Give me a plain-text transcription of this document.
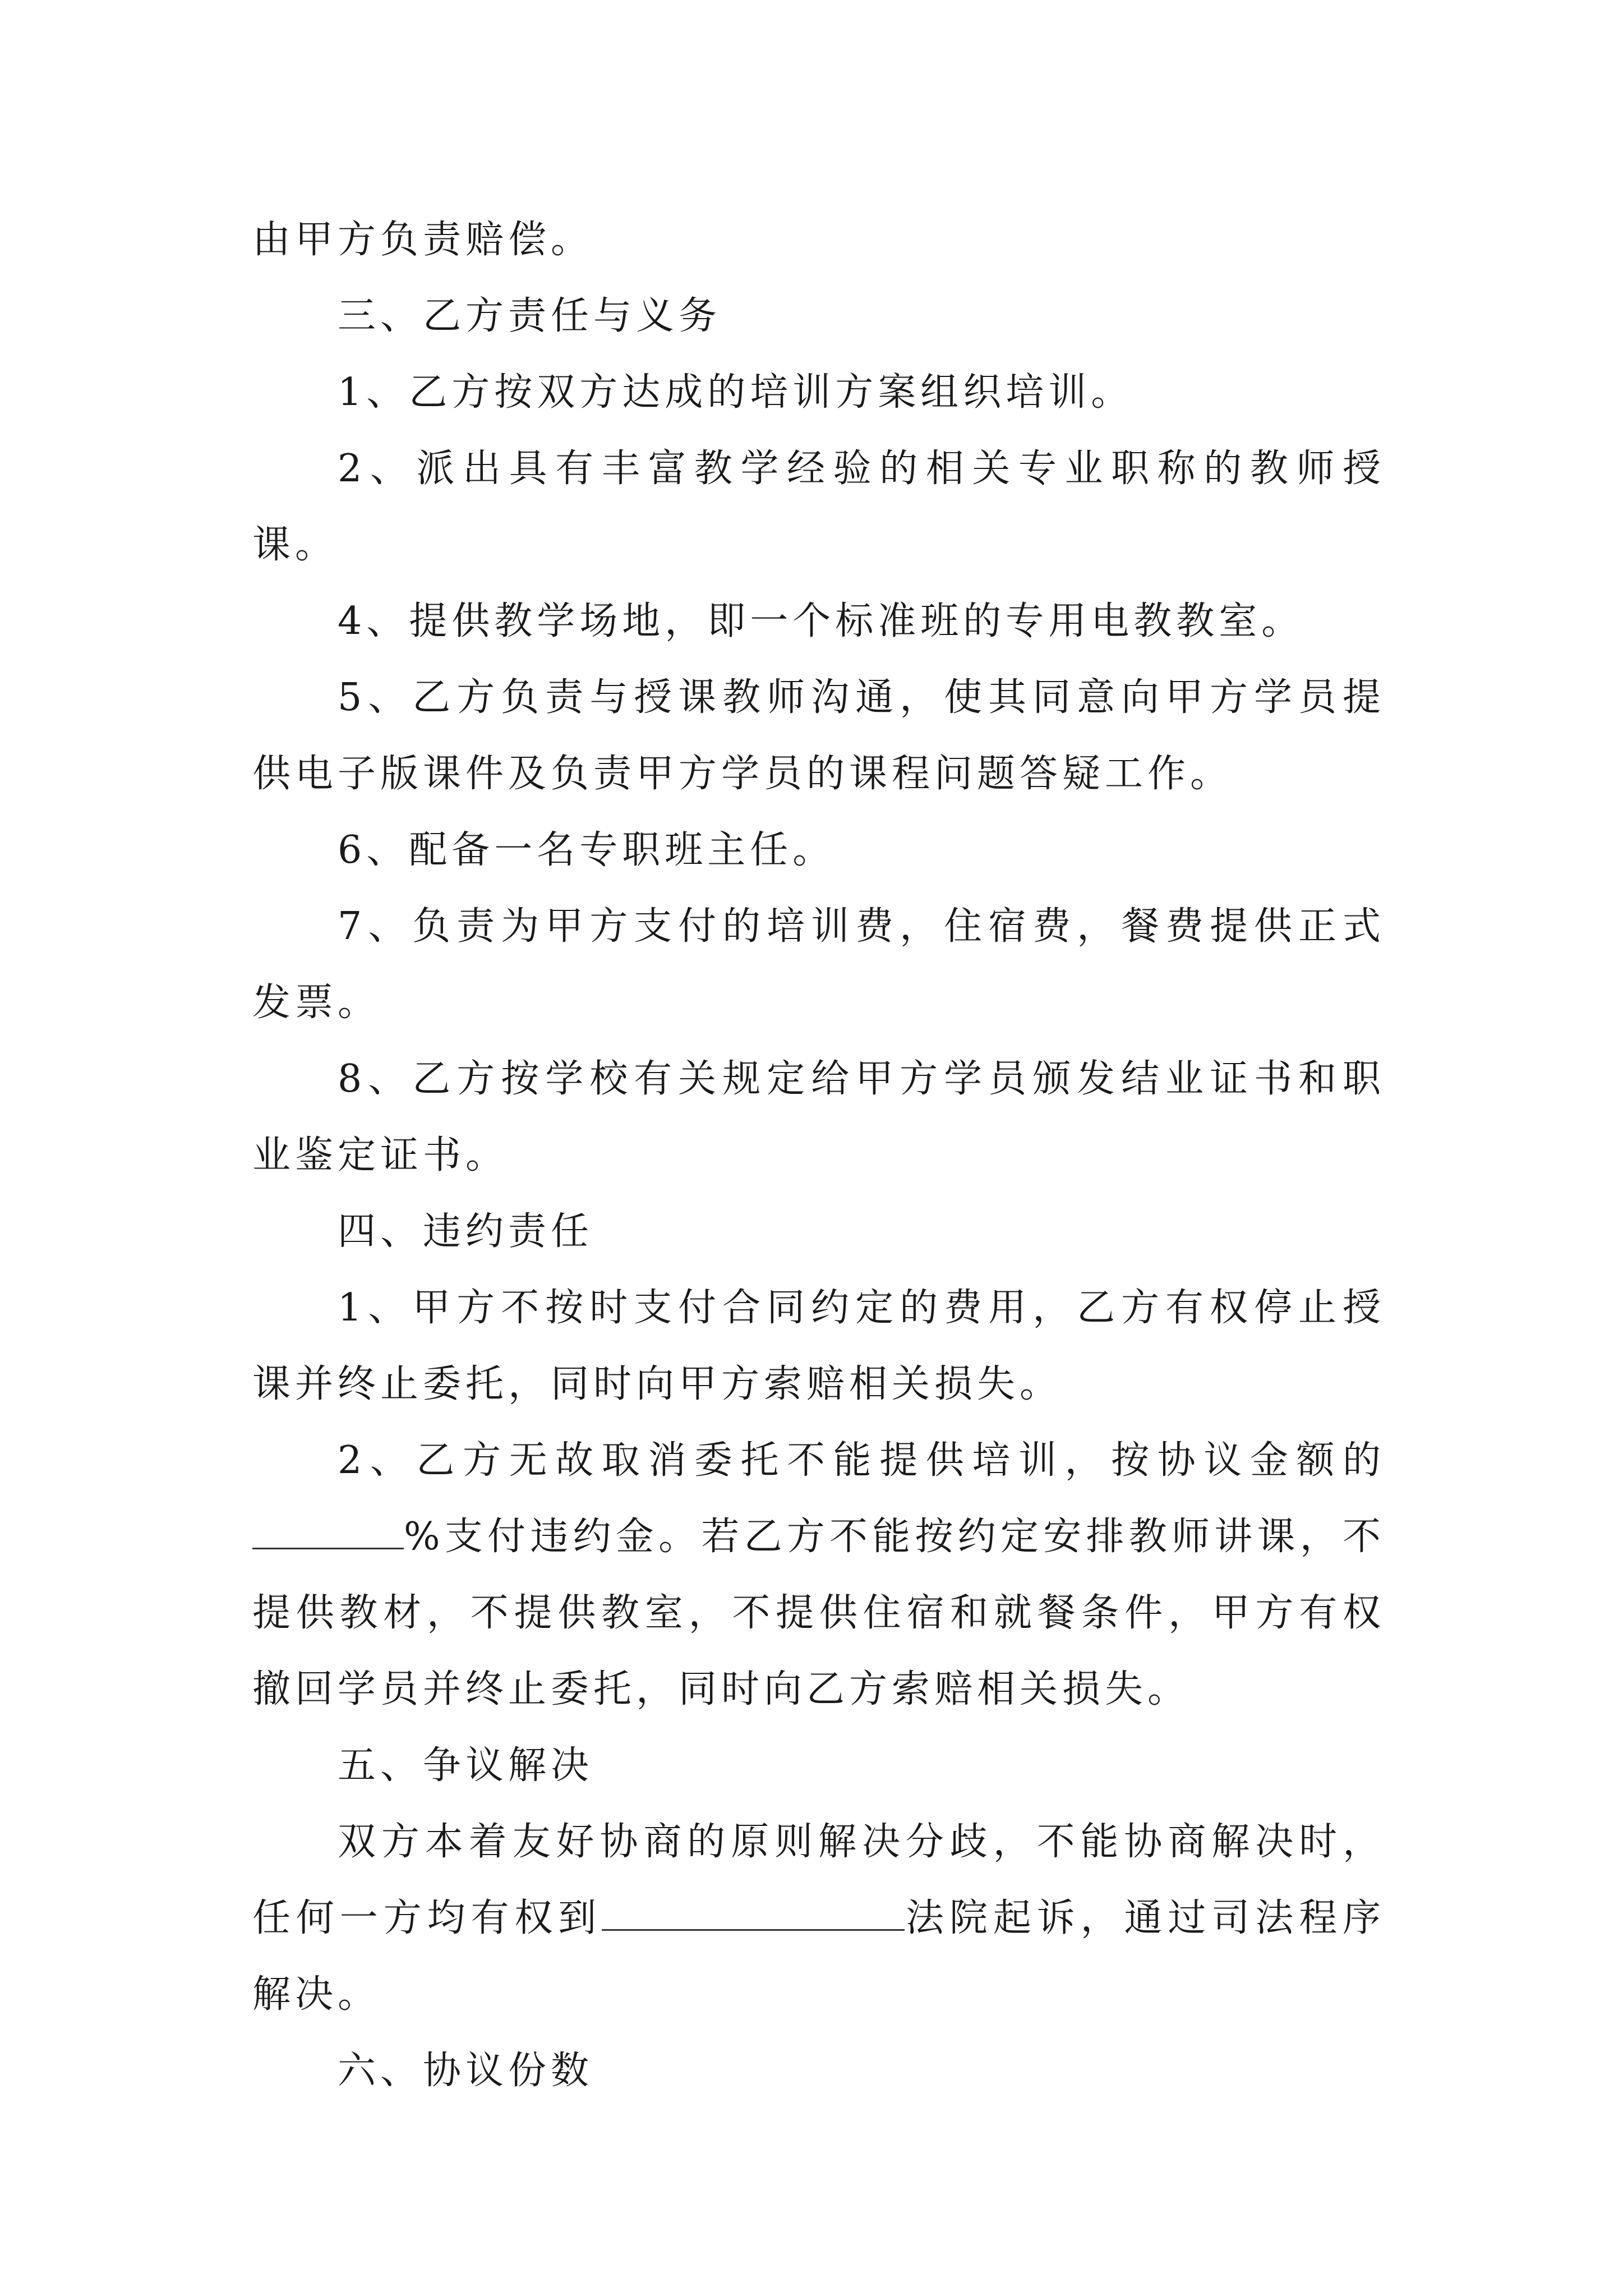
由甲方负责赔偿。

三、乙方责任与义务

1、乙方按双方达成的培训方案组织培训。

2、派出具有丰富教学经验的相关专业职称的教师授课。

4、提供教学场地，即一个标准班的专用电教教室。

5、乙方负责与授课教师沟通，使其同意向甲方学员提供电子版课件及负责甲方学员的课程问题答疑工作。

6、配备一名专职班主任。

7、负责为甲方支付的培训费，住宿费，餐费提供正式发票。

8、乙方按学校有关规定给甲方学员颁发结业证书和职业鉴定证书。

四、违约责任

1、甲方不按时支付合同约定的费用，乙方有权停止授课并终止委托，同时向甲方索赔相关损失。

2、乙方无故取消委托不能提供培训，按协议金额的%支付违约金。若乙方不能按约定安排教师讲课，不提供教材，不提供教室，不提供住宿和就餐条件，甲方有权撤回学员并终止委托，同时向乙方索赔相关损失。

五、争议解决

双方本着友好协商的原则解决分歧，不能协商解决时，任何一方均有权到	法院起诉，通过司法程序解决。

六、协议份数
